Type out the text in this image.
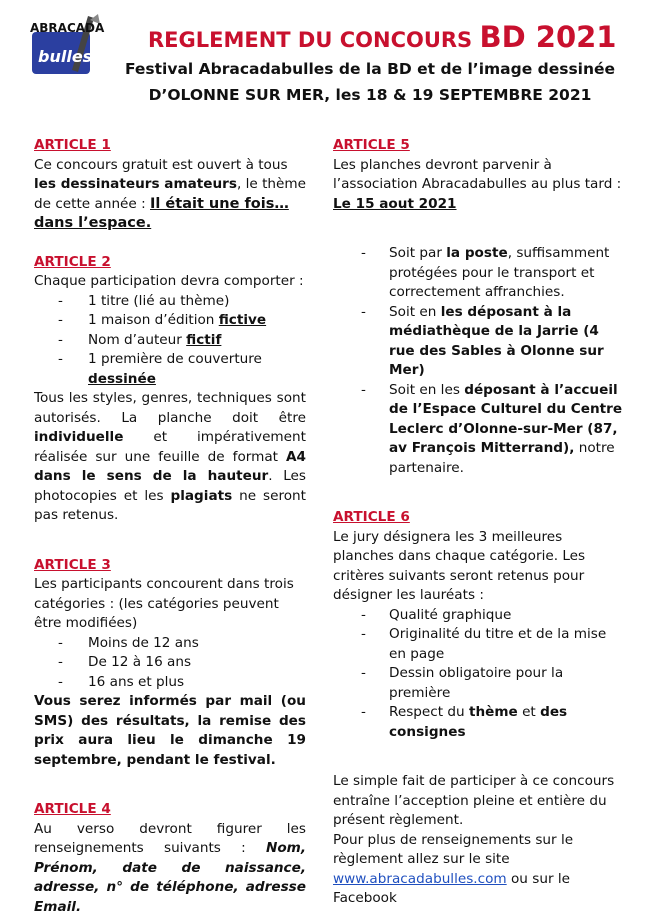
ABRACADA
bulles
REGLEMENT DU CONCOURS BD 2021
Festival Abracadabulles de la BD et de l’image dessinée
D’OLONNE SUR MER, les 18 & 19 SEPTEMBRE 2021

ARTICLE 1

Ce concours gratuit est ouvert à tous les dessinateurs amateurs, le thème de cette année : Il était une fois… dans l’espace.

ARTICLE 2

Chaque participation devra comporter :

- 1 titre (lié au thème)
- 1 maison d’édition fictive
- Nom d’auteur fictif
- 1 première de couverture dessinée

Tous les styles, genres, techniques sont autorisés. La planche doit être individuelle et impérativement réalisée sur une feuille de format A4 dans le sens de la hauteur. Les photocopies et les plagiats ne seront pas retenus.

ARTICLE 3

Les participants concourent dans trois catégories : (les catégories peuvent être modifiées)

- Moins de 12 ans
- De 12 à 16 ans
- 16 ans et plus

Vous serez informés par mail (ou SMS) des résultats, la remise des prix aura lieu le dimanche 19 septembre, pendant le festival.

ARTICLE 4

Au verso devront figurer les renseignements suivants : Nom, Prénom, date de naissance, adresse, n° de téléphone, adresse Email.

ARTICLE 5

Les planches devront parvenir à l’association Abracadabulles au plus tard :

Le 15 aout 2021

- Soit par la poste, suffisamment protégées pour le transport et correctement affranchies.
- Soit en les déposant à la médiathèque de la Jarrie (4 rue des Sables à Olonne sur Mer)
- Soit en les déposant à l’accueil de l’Espace Culturel du Centre Leclerc d’Olonne-sur-Mer (87, av François Mitterrand), notre partenaire.

ARTICLE 6

Le jury désignera les 3 meilleures planches dans chaque catégorie. Les critères suivants seront retenus pour désigner les lauréats :

- Qualité graphique
- Originalité du titre et de la mise en page
- Dessin obligatoire pour la première
- Respect du thème et des consignes

Le simple fait de participer à ce concours entraîne l’acception pleine et entière du présent règlement.

Pour plus de renseignements sur le règlement allez sur le site

www.abracadabulles.com ou sur le Facebook
